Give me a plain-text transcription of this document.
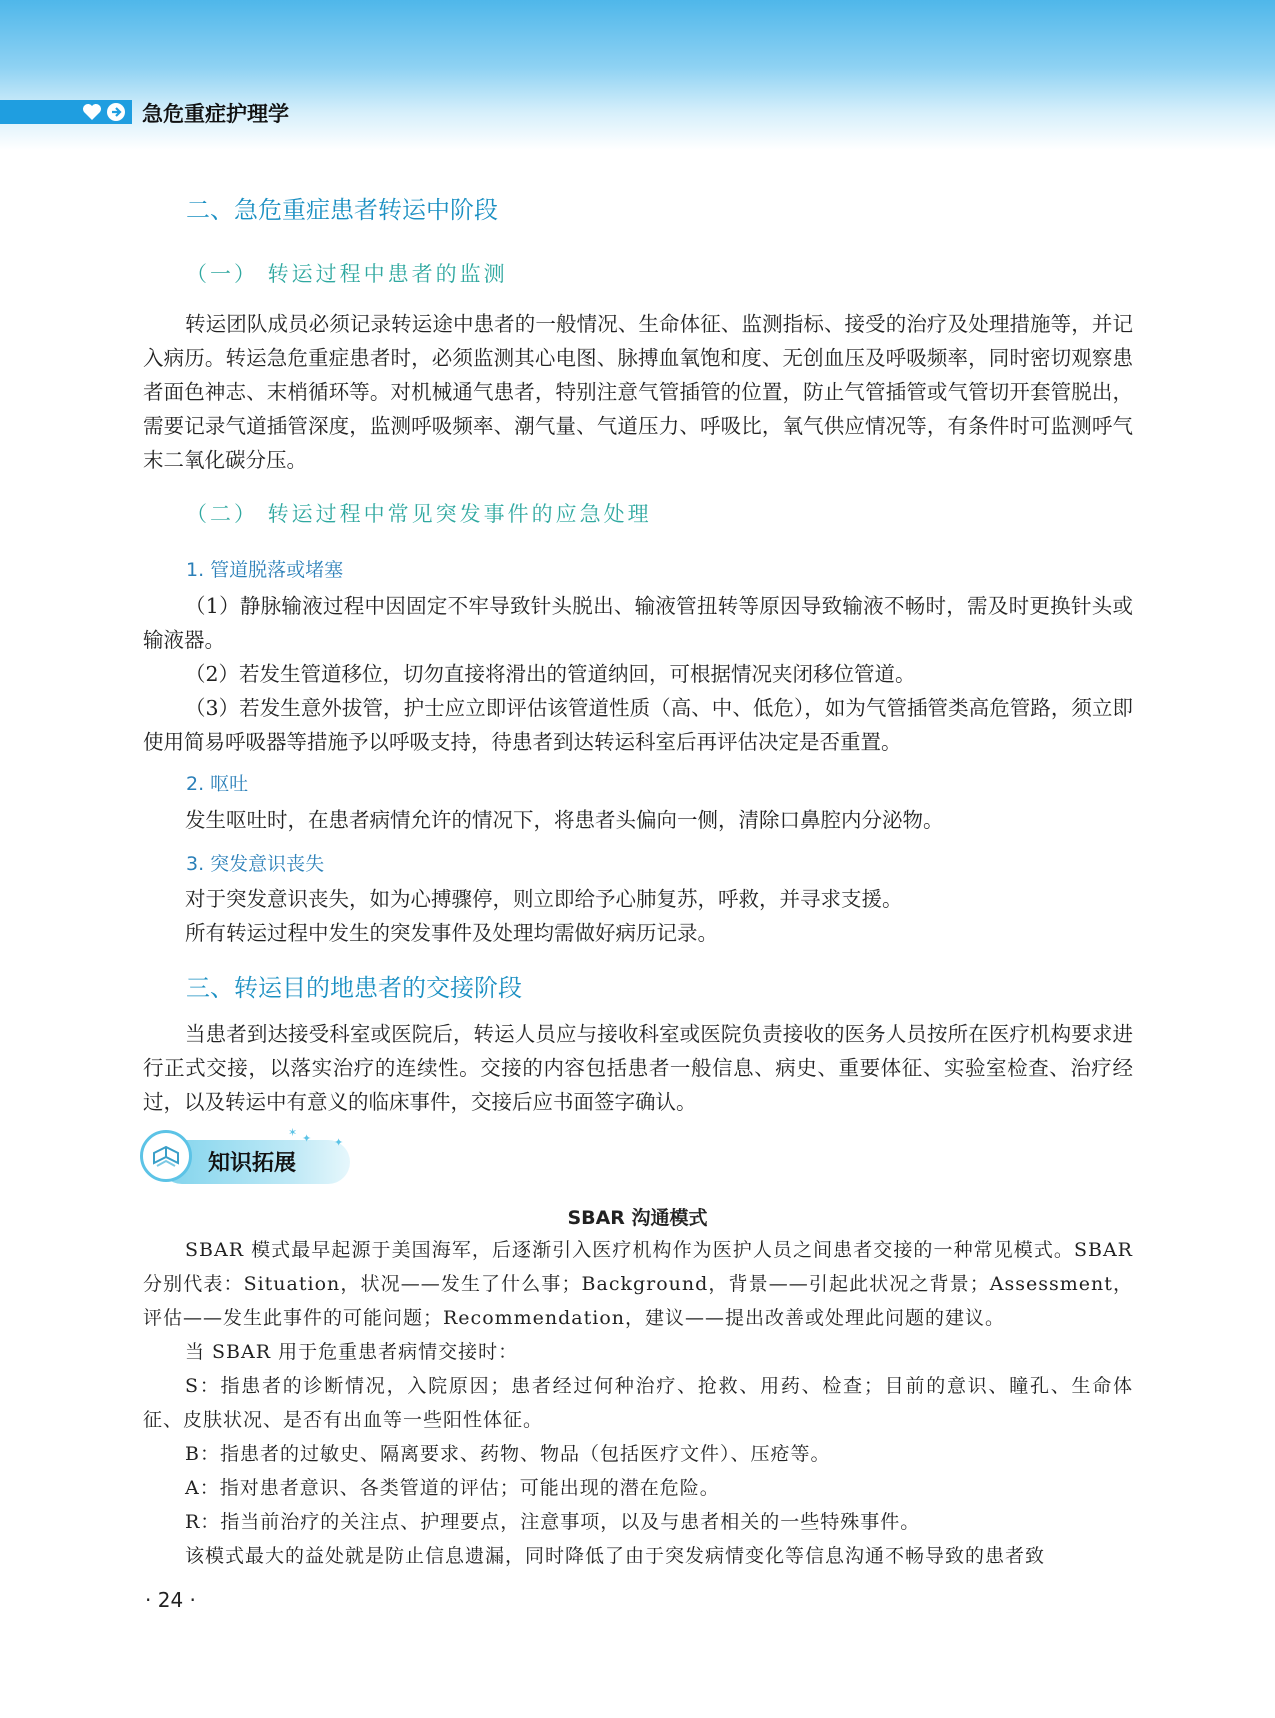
急危重症护理学
二、急危重症患者转运中阶段
（一） 转运过程中患者的监测

转运团队成员必须记录转运途中患者的一般情况、生命体征、监测指标、接受的治疗及处理措施等，并记入病历。转运急危重症患者时，必须监测其心电图、脉搏血氧饱和度、无创血压及呼吸频率，同时密切观察患者面色神志、末梢循环等。对机械通气患者，特别注意气管插管的位置，防止气管插管或气管切开套管脱出，需要记录气道插管深度，监测呼吸频率、潮气量、气道压力、呼吸比，氧气供应情况等，有条件时可监测呼气末二氧化碳分压。

（二） 转运过程中常见突发事件的应急处理
1. 管道脱落或堵塞

（1）静脉输液过程中因固定不牢导致针头脱出、输液管扭转等原因导致输液不畅时，需及时更换针头或输液器。

（2）若发生管道移位，切勿直接将滑出的管道纳回，可根据情况夹闭移位管道。

（3）若发生意外拔管，护士应立即评估该管道性质（高、中、低危），如为气管插管类高危管路，须立即使用简易呼吸器等措施予以呼吸支持，待患者到达转运科室后再评估决定是否重置。

2. 呕吐

发生呕吐时，在患者病情允许的情况下，将患者头偏向一侧，清除口鼻腔内分泌物。

3. 突发意识丧失

对于突发意识丧失，如为心搏骤停，则立即给予心肺复苏，呼救，并寻求支援。

所有转运过程中发生的突发事件及处理均需做好病历记录。

三、转运目的地患者的交接阶段

当患者到达接受科室或医院后，转运人员应与接收科室或医院负责接收的医务人员按所在医疗机构要求进行正式交接，以落实治疗的连续性。交接的内容包括患者一般信息、病史、重要体征、实验室检查、治疗经过，以及转运中有意义的临床事件，交接后应书面签字确认。

知识拓展
✶ ✦ ✦
SBAR 沟通模式

SBAR 模式最早起源于美国海军，后逐渐引入医疗机构作为医护人员之间患者交接的一种常见模式。SBAR 分别代表：Situation，状况——发生了什么事；Background，背景——引起此状况之背景；Assessment，评估——发生此事件的可能问题；Recommendation，建议——提出改善或处理此问题的建议。

当 SBAR 用于危重患者病情交接时：

S：指患者的诊断情况，入院原因；患者经过何种治疗、抢救、用药、检查；目前的意识、瞳孔、生命体征、皮肤状况、是否有出血等一些阳性体征。

B：指患者的过敏史、隔离要求、药物、物品（包括医疗文件）、压疮等。

A：指对患者意识、各类管道的评估；可能出现的潜在危险。

R：指当前治疗的关注点、护理要点，注意事项，以及与患者相关的一些特殊事件。

该模式最大的益处就是防止信息遗漏，同时降低了由于突发病情变化等信息沟通不畅导致的患者致

· 24 ·
